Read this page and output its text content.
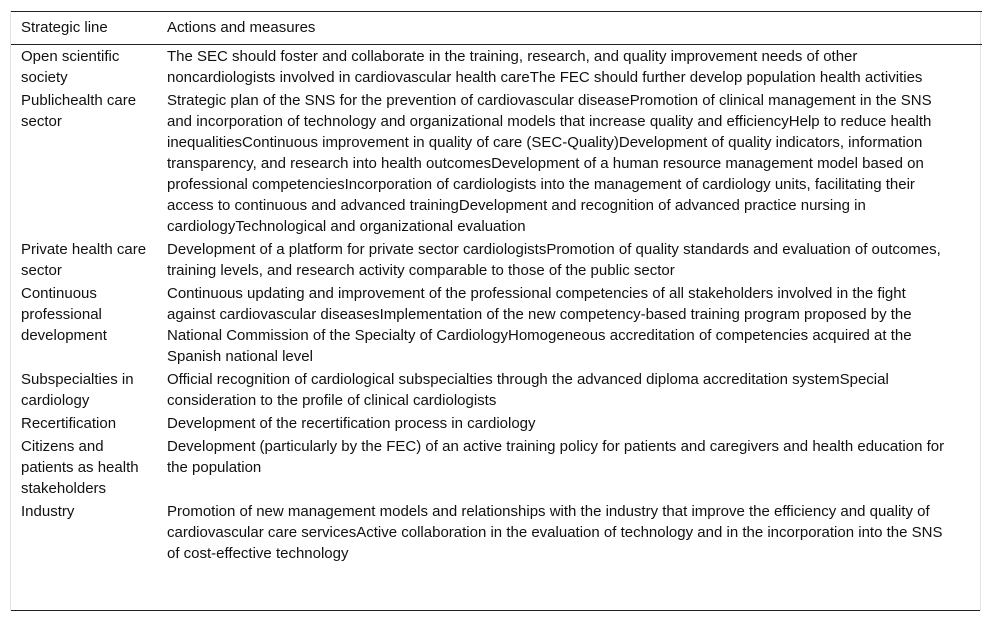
Strategic line	Actions and measures
Open scientific society	The SEC should foster and collaborate in the training, research, and quality improvement needs of other noncardiologists involved in cardiovascular health careThe FEC should further develop population health activities
Publichealth care sector	Strategic plan of the SNS for the prevention of cardiovascular diseasePromotion of clinical management in the SNS and incorporation of technology and organizational models that increase quality and efficiencyHelp to reduce health inequalitiesContinuous improvement in quality of care (SEC-Quality)Development of quality indicators, information transparency, and research into health outcomesDevelopment of a human resource management model based on professional competenciesIncorporation of cardiologists into the management of cardiology units, facilitating their access to continuous and advanced trainingDevelopment and recognition of advanced practice nursing in cardiologyTechnological and organizational evaluation
Private health care sector	Development of a platform for private sector cardiologistsPromotion of quality standards and evaluation of outcomes, training levels, and research activity comparable to those of the public sector
Continuous professional development	Continuous updating and improvement of the professional competencies of all stakeholders involved in the fight against cardiovascular diseasesImplementation of the new competency-based training program proposed by the National Commission of the Specialty of CardiologyHomogeneous accreditation of competencies acquired at the Spanish national level
Subspecialties in cardiology	Official recognition of cardiological subspecialties through the advanced diploma accreditation systemSpecial consideration to the profile of clinical cardiologists
Recertification	Development of the recertification process in cardiology
Citizens and patients as health stakeholders	Development (particularly by the FEC) of an active training policy for patients and caregivers and health education for the population
Industry	Promotion of new management models and relationships with the industry that improve the efficiency and quality of cardiovascular care servicesActive collaboration in the evaluation of technology and in the incorporation into the SNS of cost-effective technology
